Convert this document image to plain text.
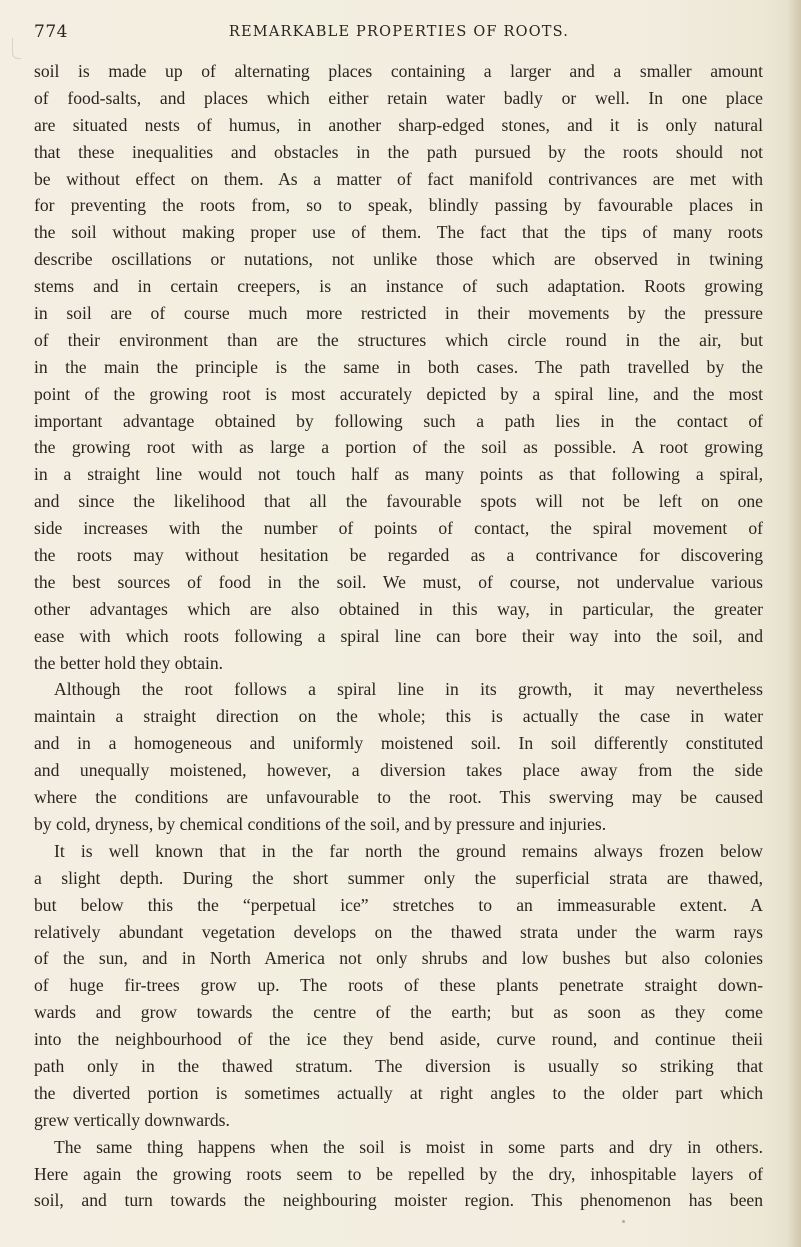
774	REMARKABLE PROPERTIES OF ROOTS.
soil is made up of alternating places containing a larger and a smaller amount
of food-salts, and places which either retain water badly or well. In one place
are situated nests of humus, in another sharp-edged stones, and it is only natural
that these inequalities and obstacles in the path pursued by the roots should not
be without effect on them. As a matter of fact manifold contrivances are met with
for preventing the roots from, so to speak, blindly passing by favourable places in
the soil without making proper use of them. The fact that the tips of many roots
describe oscillations or nutations, not unlike those which are observed in twining
stems and in certain creepers, is an instance of such adaptation. Roots growing
in soil are of course much more restricted in their movements by the pressure
of their environment than are the structures which circle round in the air, but
in the main the principle is the same in both cases. The path travelled by the
point of the growing root is most accurately depicted by a spiral line, and the most
important advantage obtained by following such a path lies in the contact of
the growing root with as large a portion of the soil as possible. A root growing
in a straight line would not touch half as many points as that following a spiral,
and since the likelihood that all the favourable spots will not be left on one
side increases with the number of points of contact, the spiral movement of
the roots may without hesitation be regarded as a contrivance for discovering
the best sources of food in the soil. We must, of course, not undervalue various
other advantages which are also obtained in this way, in particular, the greater
ease with which roots following a spiral line can bore their way into the soil, and
the better hold they obtain.
Although the root follows a spiral line in its growth, it may nevertheless
maintain a straight direction on the whole; this is actually the case in water
and in a homogeneous and uniformly moistened soil. In soil differently constituted
and unequally moistened, however, a diversion takes place away from the side
where the conditions are unfavourable to the root. This swerving may be caused
by cold, dryness, by chemical conditions of the soil, and by pressure and injuries.
It is well known that in the far north the ground remains always frozen below
a slight depth. During the short summer only the superficial strata are thawed,
but below this the “perpetual ice” stretches to an immeasurable extent. A
relatively abundant vegetation develops on the thawed strata under the warm rays
of the sun, and in North America not only shrubs and low bushes but also colonies
of huge fir-trees grow up. The roots of these plants penetrate straight down-
wards and grow towards the centre of the earth; but as soon as they come
into the neighbourhood of the ice they bend aside, curve round, and continue theii
path only in the thawed stratum. The diversion is usually so striking that
the diverted portion is sometimes actually at right angles to the older part which
grew vertically downwards.
The same thing happens when the soil is moist in some parts and dry in others.
Here again the growing roots seem to be repelled by the dry, inhospitable layers of
soil, and turn towards the neighbouring moister region. This phenomenon has been
